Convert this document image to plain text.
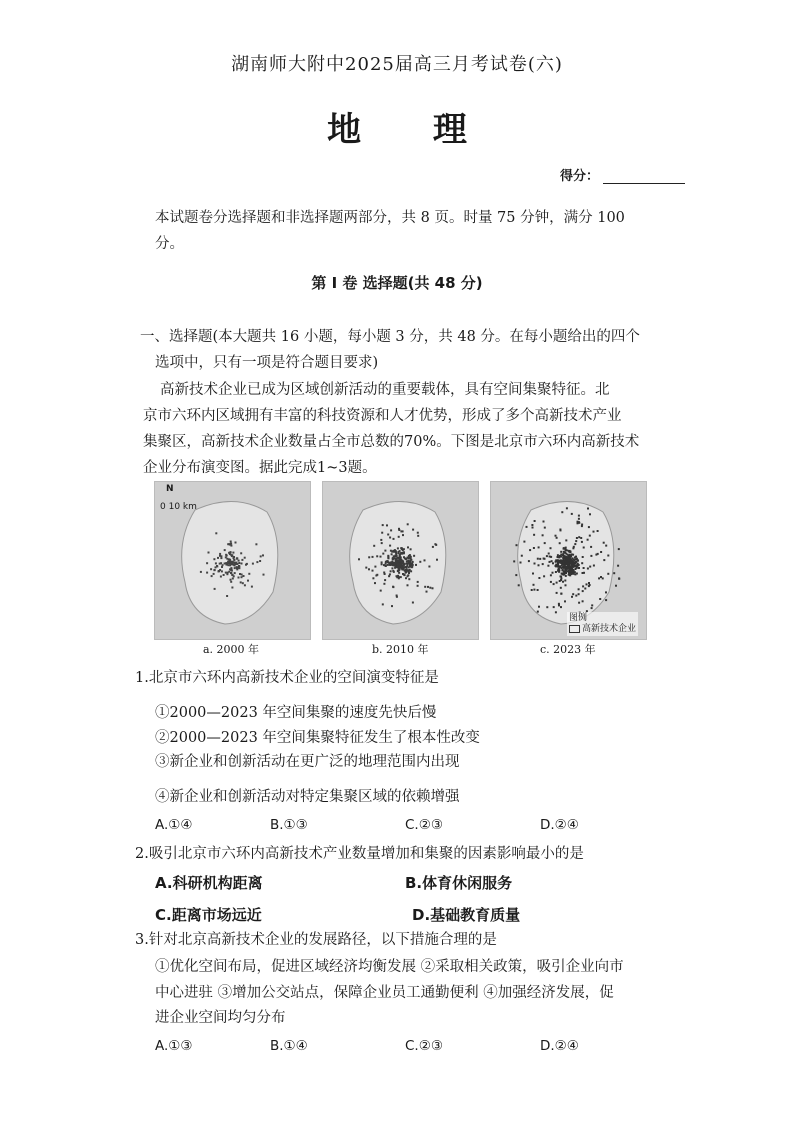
湖南师大附中2025届高三月考试卷(六)
地 理
得分：
本试题卷分选择题和非选择题两部分，共 8 页。时量 75 分钟，满分 100
分。
第 Ⅰ 卷 选择题(共 48 分)
一、选择题(本大题共 16 小题，每小题 3 分，共 48 分。在每小题给出的四个
选项中，只有一项是符合题目要求)
高新技术企业已成为区域创新活动的重要载体，具有空间集聚特征。北
京市六环内区域拥有丰富的科技资源和人才优势，形成了多个高新技术产业
集聚区，高新技术企业数量占全市总数的70%。下图是北京市六环内高新技术
企业分布演变图。据此完成1~3题。
N
0 10 km
图例
高新技术企业
a. 2000 年	b. 2010 年	c. 2023 年
1.北京市六环内高新技术企业的空间演变特征是
①2000—2023 年空间集聚的速度先快后慢
②2000—2023 年空间集聚特征发生了根本性改变
③新企业和创新活动在更广泛的地理范围内出现
④新企业和创新活动对特定集聚区域的依赖增强
A.①④	B.①③	C.②③	D.②④
2.吸引北京市六环内高新技术产业数量增加和集聚的因素影响最小的是
A.科研机构距离	B.体育休闲服务
C.距离市场远近	D.基础教育质量
3.针对北京高新技术企业的发展路径，以下措施合理的是
①优化空间布局，促进区域经济均衡发展 ②采取相关政策，吸引企业向市
中心进驻 ③增加公交站点，保障企业员工通勤便利 ④加强经济发展，促
进企业空间均匀分布
A.①③	B.①④	C.②③	D.②④
